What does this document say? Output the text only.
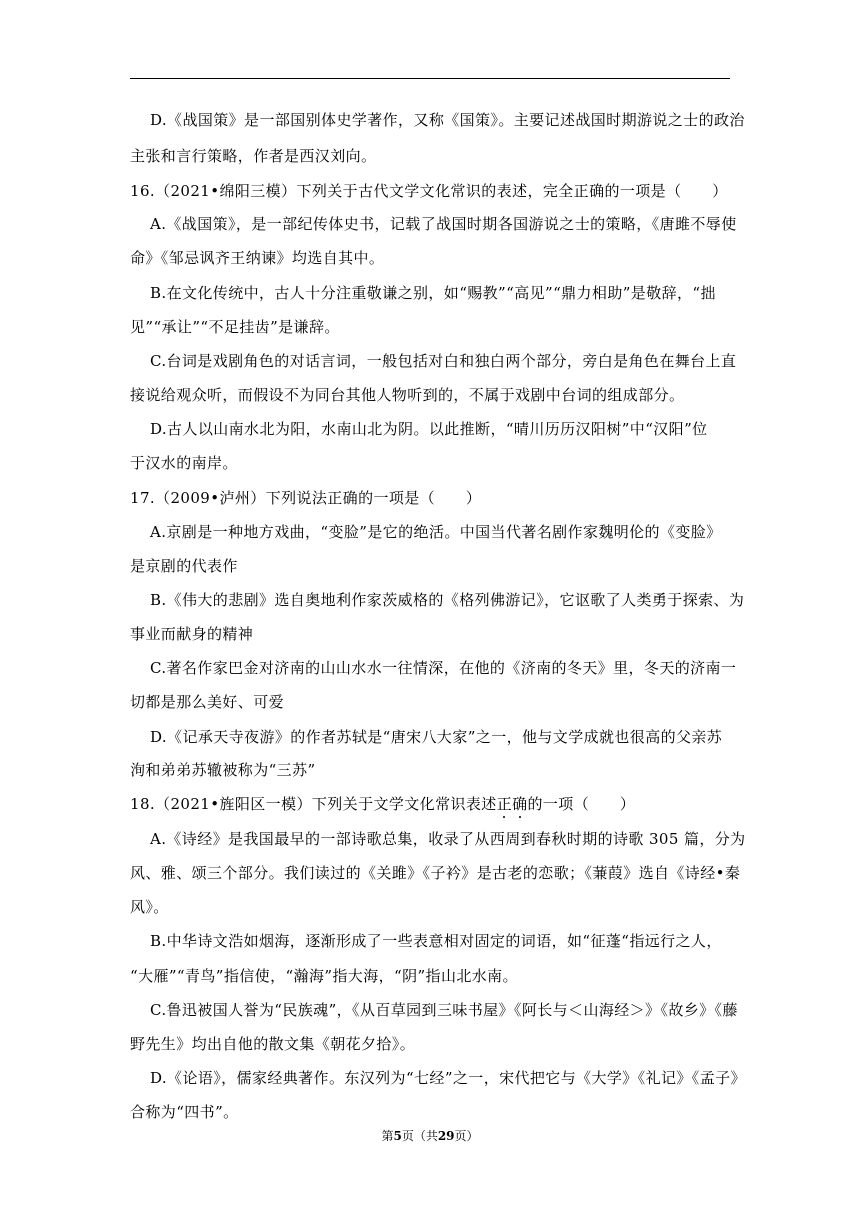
D.《战国策》是一部国别体史学著作，又称《国策》。主要记述战国时期游说之士的政治
主张和言行策略，作者是西汉刘向。
16.（2021•绵阳三模）下列关于古代文学文化常识的表述，完全正确的一项是（　　）
A.《战国策》，是一部纪传体史书，记载了战国时期各国游说之士的策略，《唐雎不辱使
命》《邹忌讽齐王纳谏》均选自其中。
B.在文化传统中，古人十分注重敬谦之别，如“赐教”“高见”“鼎力相助”是敬辞，“拙
见”“承让”“不足挂齿”是谦辞。
C.台词是戏剧角色的对话言词，一般包括对白和独白两个部分，旁白是角色在舞台上直
接说给观众听，而假设不为同台其他人物听到的，不属于戏剧中台词的组成部分。
D.古人以山南水北为阳，水南山北为阴。以此推断，“晴川历历汉阳树”中“汉阳”位
于汉水的南岸。
17.（2009•泸州）下列说法正确的一项是（　　）
A.京剧是一种地方戏曲，“变脸”是它的绝活。中国当代著名剧作家魏明伦的《变脸》
是京剧的代表作
B.《伟大的悲剧》选自奥地利作家茨威格的《格列佛游记》，它讴歌了人类勇于探索、为
事业而献身的精神
C.著名作家巴金对济南的山山水水一往情深，在他的《济南的冬天》里，冬天的济南一
切都是那么美好、可爱
D.《记承天寺夜游》的作者苏轼是“唐宋八大家”之一，他与文学成就也很高的父亲苏
洵和弟弟苏辙被称为“三苏”
A.《诗经》是我国最早的一部诗歌总集，收录了从西周到春秋时期的诗歌 305 篇，分为
风、雅、颂三个部分。我们读过的《关雎》《子衿》是古老的恋歌；《蒹葭》选自《诗经•秦
风》。
B.中华诗文浩如烟海，逐渐形成了一些表意相对固定的词语，如“征蓬“指远行之人，
“大雁”“青鸟”指信使，“瀚海”指大海，“阴”指山北水南。
C.鲁迅被国人誉为“民族魂”，《从百草园到三味书屋》《阿长与＜山海经＞》《故乡》《藤
野先生》均出自他的散文集《朝花夕拾》。
D.《论语》，儒家经典著作。东汉列为“七经”之一，宋代把它与《大学》《礼记》《孟子》
合称为“四书”。
18.（2021•旌阳区一模）下列关于文学文化常识表述正确的一项（　　）
第5页（共29页）
